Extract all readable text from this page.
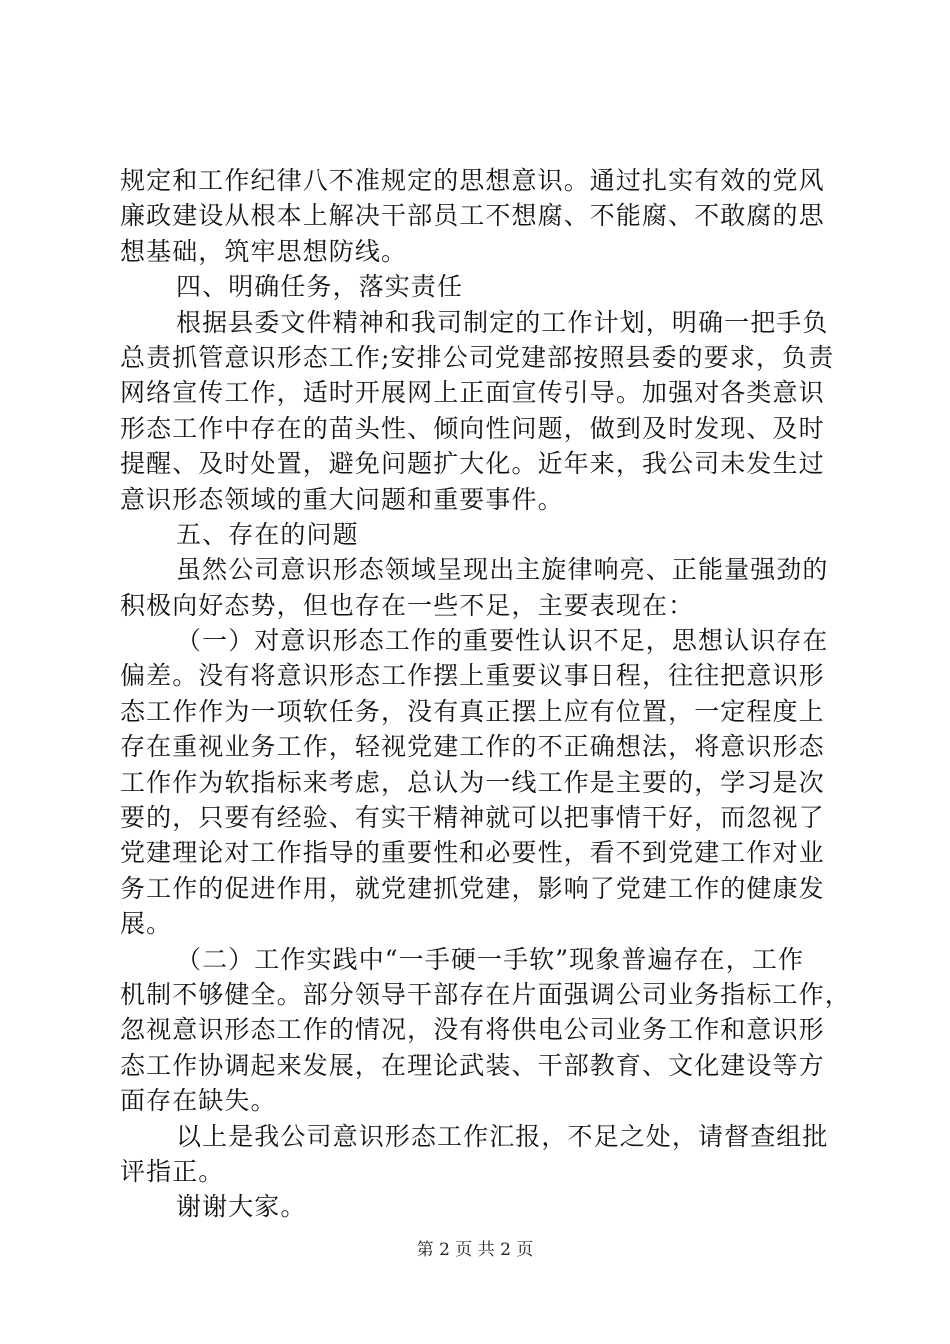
规定和工作纪律八不准规定的思想意识。通过扎实有效的党风
廉政建设从根本上解决干部员工不想腐、不能腐、不敢腐的思
想基础，筑牢思想防线。
四、明确任务，落实责任
根据县委文件精神和我司制定的工作计划，明确一把手负
总责抓管意识形态工作;安排公司党建部按照县委的要求，负责
网络宣传工作，适时开展网上正面宣传引导。加强对各类意识
形态工作中存在的苗头性、倾向性问题，做到及时发现、及时
提醒、及时处置，避免问题扩大化。近年来，我公司未发生过
意识形态领域的重大问题和重要事件。
五、存在的问题
虽然公司意识形态领域呈现出主旋律响亮、正能量强劲的
积极向好态势，但也存在一些不足，主要表现在：
（一）对意识形态工作的重要性认识不足，思想认识存在
偏差。没有将意识形态工作摆上重要议事日程，往往把意识形
态工作作为一项软任务，没有真正摆上应有位置，一定程度上
存在重视业务工作，轻视党建工作的不正确想法，将意识形态
工作作为软指标来考虑，总认为一线工作是主要的，学习是次
要的，只要有经验、有实干精神就可以把事情干好，而忽视了
党建理论对工作指导的重要性和必要性，看不到党建工作对业
务工作的促进作用，就党建抓党建，影响了党建工作的健康发
展。
（二）工作实践中“一手硬一手软”现象普遍存在，工作
机制不够健全。部分领导干部存在片面强调公司业务指标工作，
忽视意识形态工作的情况，没有将供电公司业务工作和意识形
态工作协调起来发展，在理论武装、干部教育、文化建设等方
面存在缺失。
以上是我公司意识形态工作汇报，不足之处，请督查组批
评指正。
谢谢大家。
第 2 页 共 2 页
